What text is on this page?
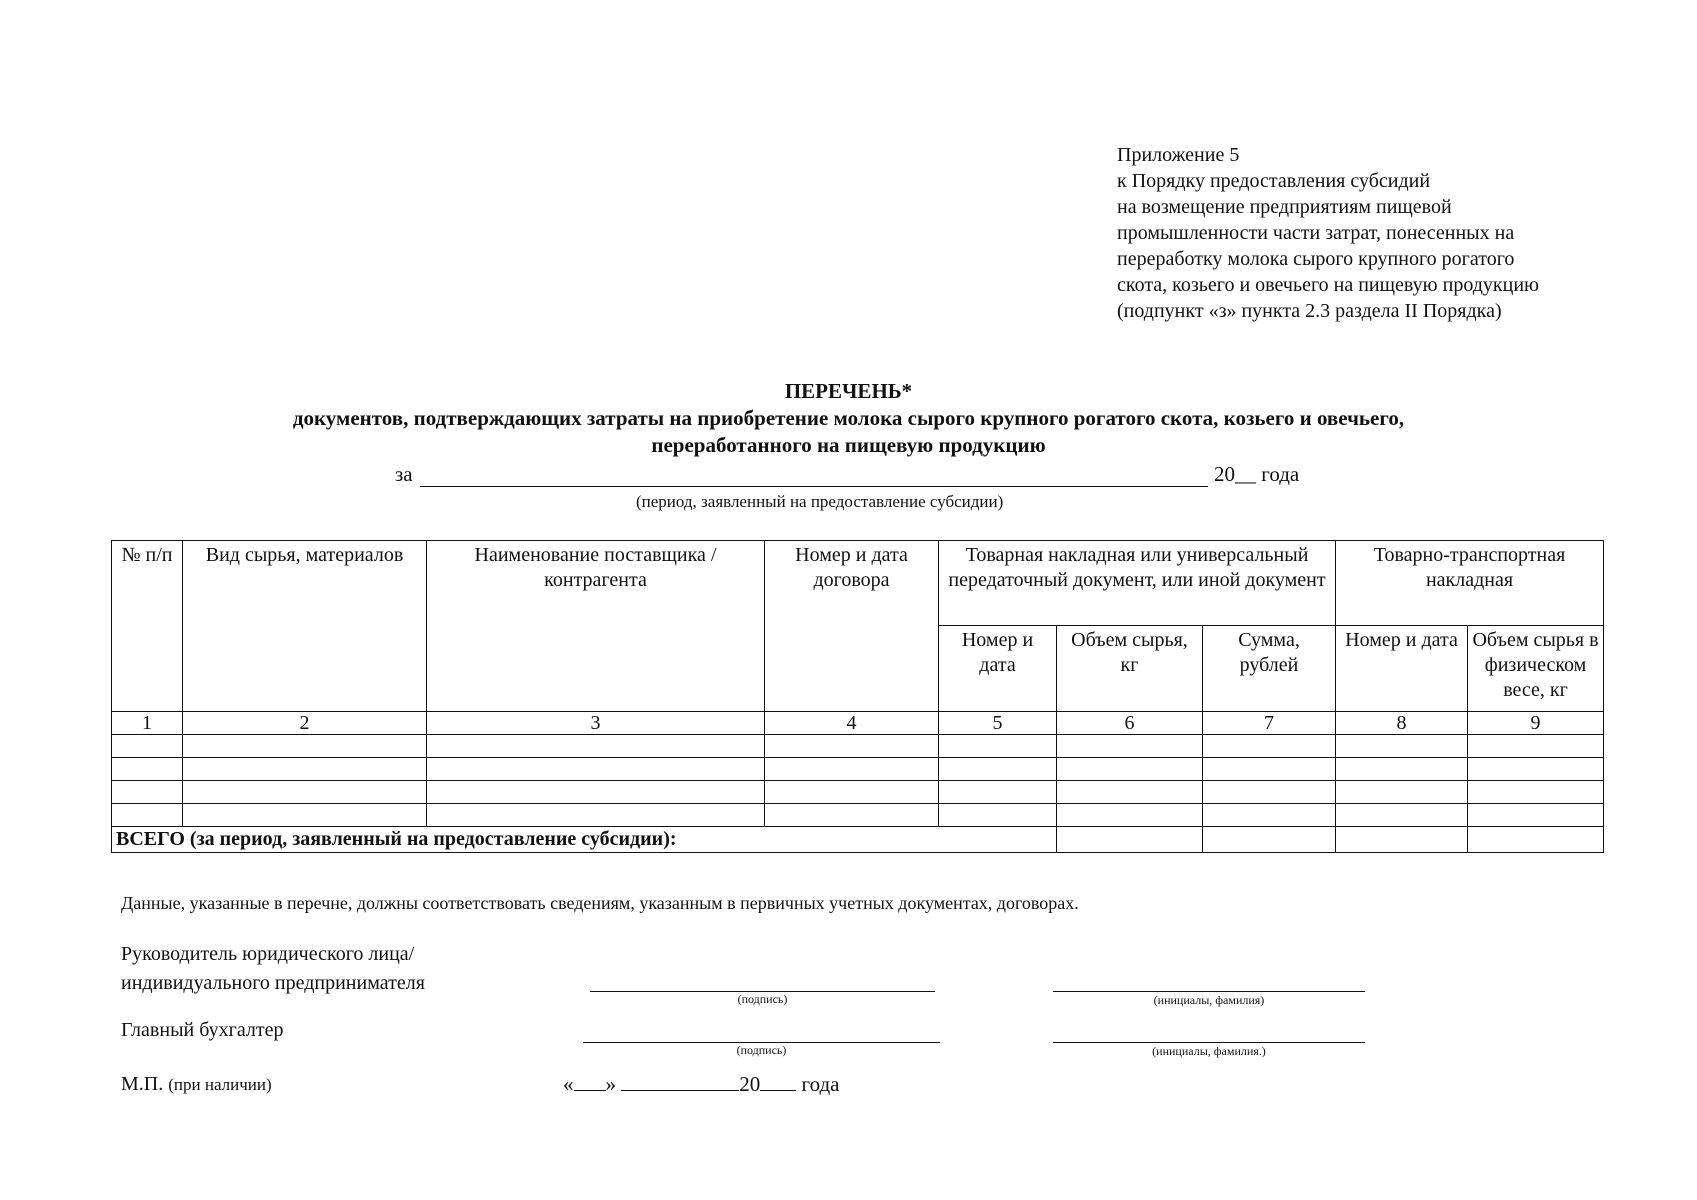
Приложение 5
к Порядку предоставления субсидий
на возмещение предприятиям пищевой
промышленности части затрат, понесенных на
переработку молока сырого крупного рогатого
скота, козьего и овечьего на пищевую продукцию
(подпункт «з» пункта 2.3 раздела II Порядка)
ПЕРЕЧЕНЬ*
документов, подтверждающих затраты на приобретение молока сырого крупного рогатого скота, козьего и овечьего,
переработанного на пищевую продукцию
за	20__ года
(период, заявленный на предоставление субсидии)
№ п/п	Вид сырья, материалов	Наименование поставщика / контрагента	Номер и дата договора	Товарная накладная или универсальный передаточный документ, или иной документ			Товарно-транспортная накладная	
				Номер и дата	Объем сырья, кг	Сумма, рублей	Номер и дата	Объем сырья в физическом весе, кг
1	2	3	4	5	6	7	8	9

ВСЕГО (за период, заявленный на предоставление субсидии):								
Данные, указанные в перечне, должны соответствовать сведениям, указанным в первичных учетных документах, договорах.
Руководитель юридического лица/
индивидуального предпринимателя
(подпись)	(инициалы, фамилия)
Главный бухгалтер
(подпись)	(инициалы, фамилия.)
М.П. (при наличии)	« »	20 года
